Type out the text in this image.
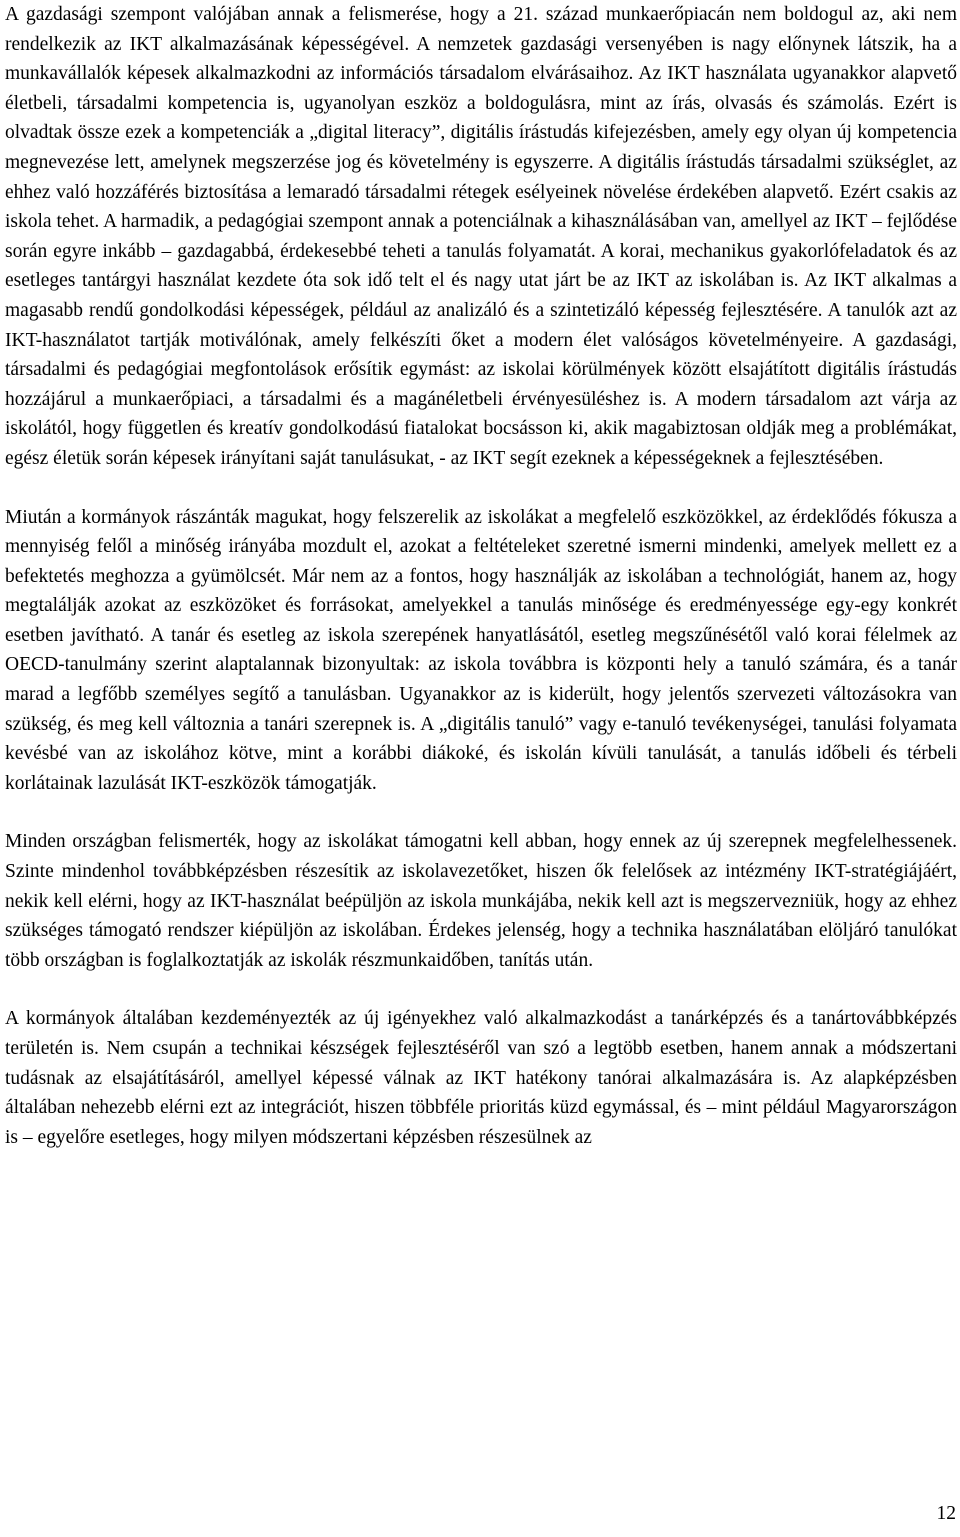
A gazdasági szempont valójában annak a felismerése, hogy a 21. század munkaerőpiacán nem boldogul az, aki nem rendelkezik az IKT alkalmazásának képességével. A nemzetek gazdasági versenyében is nagy előnynek látszik, ha a munkavállalók képesek alkalmazkodni az információs társadalom elvárásaihoz. Az IKT használata ugyanakkor alapvető életbeli, társadalmi kompetencia is, ugyanolyan eszköz a boldogulásra, mint az írás, olvasás és számolás. Ezért is olvadtak össze ezek a kompetenciák a „digital literacy”, digitális írástudás kifejezésben, amely egy olyan új kompetencia megnevezése lett, amelynek megszerzése jog és követelmény is egyszerre. A digitális írástudás társadalmi szükséglet, az ehhez való hozzáférés biztosítása a lemaradó társadalmi rétegek esélyeinek növelése érdekében alapvető. Ezért csakis az iskola tehet. A harmadik, a pedagógiai szempont annak a potenciálnak a kihasználásában van, amellyel az IKT – fejlődése során egyre inkább – gazdagabbá, érdekesebbé teheti a tanulás folyamatát. A korai, mechanikus gyakorlófeladatok és az esetleges tantárgyi használat kezdete óta sok idő telt el és nagy utat járt be az IKT az iskolában is. Az IKT alkalmas a magasabb rendű gondolkodási képességek, például az analizáló és a szintetizáló képesség fejlesztésére. A tanulók azt az IKT-használatot tartják motiválónak, amely felkészíti őket a modern élet valóságos követelményeire. A gazdasági, társadalmi és pedagógiai megfontolások erősítik egymást: az iskolai körülmények között elsajátított digitális írástudás hozzájárul a munkaerőpiaci, a társadalmi és a magánéletbeli érvényesüléshez is. A modern társadalom azt várja az iskolától, hogy független és kreatív gondolkodású fiatalokat bocsásson ki, akik magabiztosan oldják meg a problémákat, egész életük során képesek irányítani saját tanulásukat, - az IKT segít ezeknek a képességeknek a fejlesztésében.

Miután a kormányok rászánták magukat, hogy felszerelik az iskolákat a megfelelő eszközökkel, az érdeklődés fókusza a mennyiség felől a minőség irányába mozdult el, azokat a feltételeket szeretné ismerni mindenki, amelyek mellett ez a befektetés meghozza a gyümölcsét. Már nem az a fontos, hogy használják az iskolában a technológiát, hanem az, hogy megtalálják azokat az eszközöket és forrásokat, amelyekkel a tanulás minősége és eredményessége egy-egy konkrét esetben javítható. A tanár és esetleg az iskola szerepének hanyatlásától, esetleg megszűnésétől való korai félelmek az OECD-tanulmány szerint alaptalannak bizonyultak: az iskola továbbra is központi hely a tanuló számára, és a tanár marad a legfőbb személyes segítő a tanulásban. Ugyanakkor az is kiderült, hogy jelentős szervezeti változásokra van szükség, és meg kell változnia a tanári szerepnek is. A „digitális tanuló” vagy e-tanuló tevékenységei, tanulási folyamata kevésbé van az iskolához kötve, mint a korábbi diákoké, és iskolán kívüli tanulását, a tanulás időbeli és térbeli korlátainak lazulását IKT-eszközök támogatják.

Minden országban felismerték, hogy az iskolákat támogatni kell abban, hogy ennek az új szerepnek megfelelhessenek. Szinte mindenhol továbbképzésben részesítik az iskolavezetőket, hiszen ők felelősek az intézmény IKT-stratégiájáért, nekik kell elérni, hogy az IKT-használat beépüljön az iskola munkájába, nekik kell azt is megszervezniük, hogy az ehhez szükséges támogató rendszer kiépüljön az iskolában. Érdekes jelenség, hogy a technika használatában elöljáró tanulókat több országban is foglalkoztatják az iskolák részmunkaidőben, tanítás után.

A kormányok általában kezdeményezték az új igényekhez való alkalmazkodást a tanárképzés és a tanártovábbképzés területén is. Nem csupán a technikai készségek fejlesztéséről van szó a legtöbb esetben, hanem annak a módszertani tudásnak az elsajátításáról, amellyel képessé válnak az IKT hatékony tanórai alkalmazására is. Az alapképzésben általában nehezebb elérni ezt az integrációt, hiszen többféle prioritás küzd egymással, és – mint például Magyarországon is – egyelőre esetleges, hogy milyen módszertani képzésben részesülnek az

12
